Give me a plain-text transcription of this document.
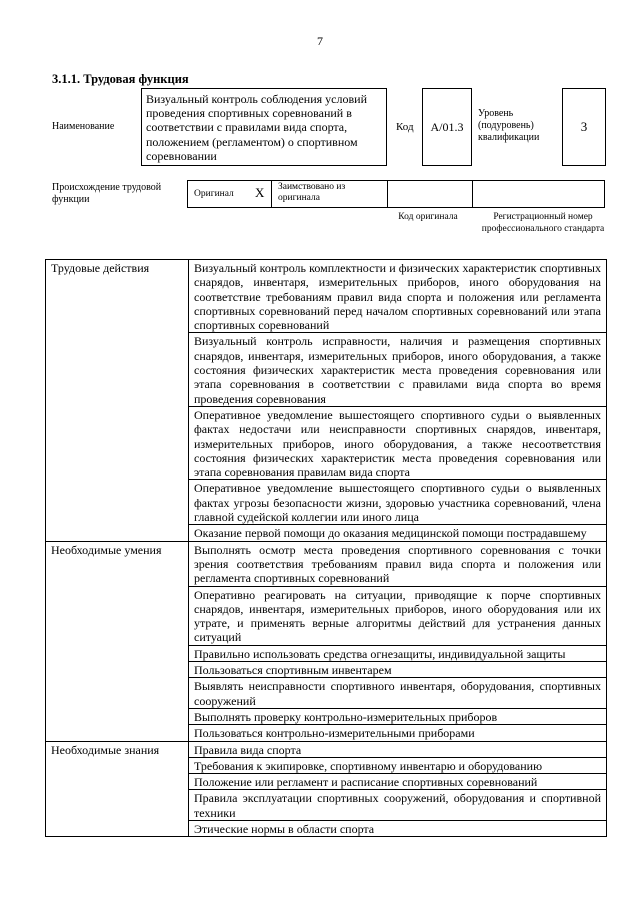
7
3.1.1. Трудовая функция
Наименование
Визуальный контроль соблюдения условий проведения спортивных соревнований в соответствии с правилами вида спорта, положением (регламентом) о спортивном соревновании
Код	A/01.3
Уровень (подуровень) квалификации
3
Происхождение трудовой функции	Оригинал X Заимствовано из оригинала
Код оригинала	Регистрационный номер профессионального стандарта
Трудовые действия	Визуальный контроль комплектности и физических характеристик спортивных снарядов, инвентаря, измерительных приборов, иного оборудования на соответствие требованиям правил вида спорта и положения или регламента спортивных соревнований перед началом спортивных соревнований или этапа спортивных соревнований
	Визуальный контроль исправности, наличия и размещения спортивных снарядов, инвентаря, измерительных приборов, иного оборудования, а также состояния физических характеристик места проведения соревнования или этапа соревнования в соответствии с правилами вида спорта во время проведения соревнования
	Оперативное уведомление вышестоящего спортивного судьи о выявленных фактах недостачи или неисправности спортивных снарядов, инвентаря, измерительных приборов, иного оборудования, а также несоответствия состояния физических характеристик места проведения соревнования или этапа соревнования правилам вида спорта
	Оперативное уведомление вышестоящего спортивного судьи о выявленных фактах угрозы безопасности жизни, здоровью участника соревнований, члена главной судейской коллегии или иного лица
	Оказание первой помощи до оказания медицинской помощи пострадавшему
Необходимые умения	Выполнять осмотр места проведения спортивного соревнования с точки зрения соответствия требованиям правил вида спорта и положения или регламента спортивных соревнований
	Оперативно реагировать на ситуации, приводящие к порче спортивных снарядов, инвентаря, измерительных приборов, иного оборудования или их утрате, и применять верные алгоритмы действий для устранения данных ситуаций
	Правильно использовать средства огнезащиты, индивидуальной защиты
	Пользоваться спортивным инвентарем
	Выявлять неисправности спортивного инвентаря, оборудования, спортивных сооружений
	Выполнять проверку контрольно-измерительных приборов
	Пользоваться контрольно-измерительными приборами
Необходимые знания	Правила вида спорта
	Требования к экипировке, спортивному инвентарю и оборудованию
	Положение или регламент и расписание спортивных соревнований
	Правила эксплуатации спортивных сооружений, оборудования и спортивной техники
	Этические нормы в области спорта
